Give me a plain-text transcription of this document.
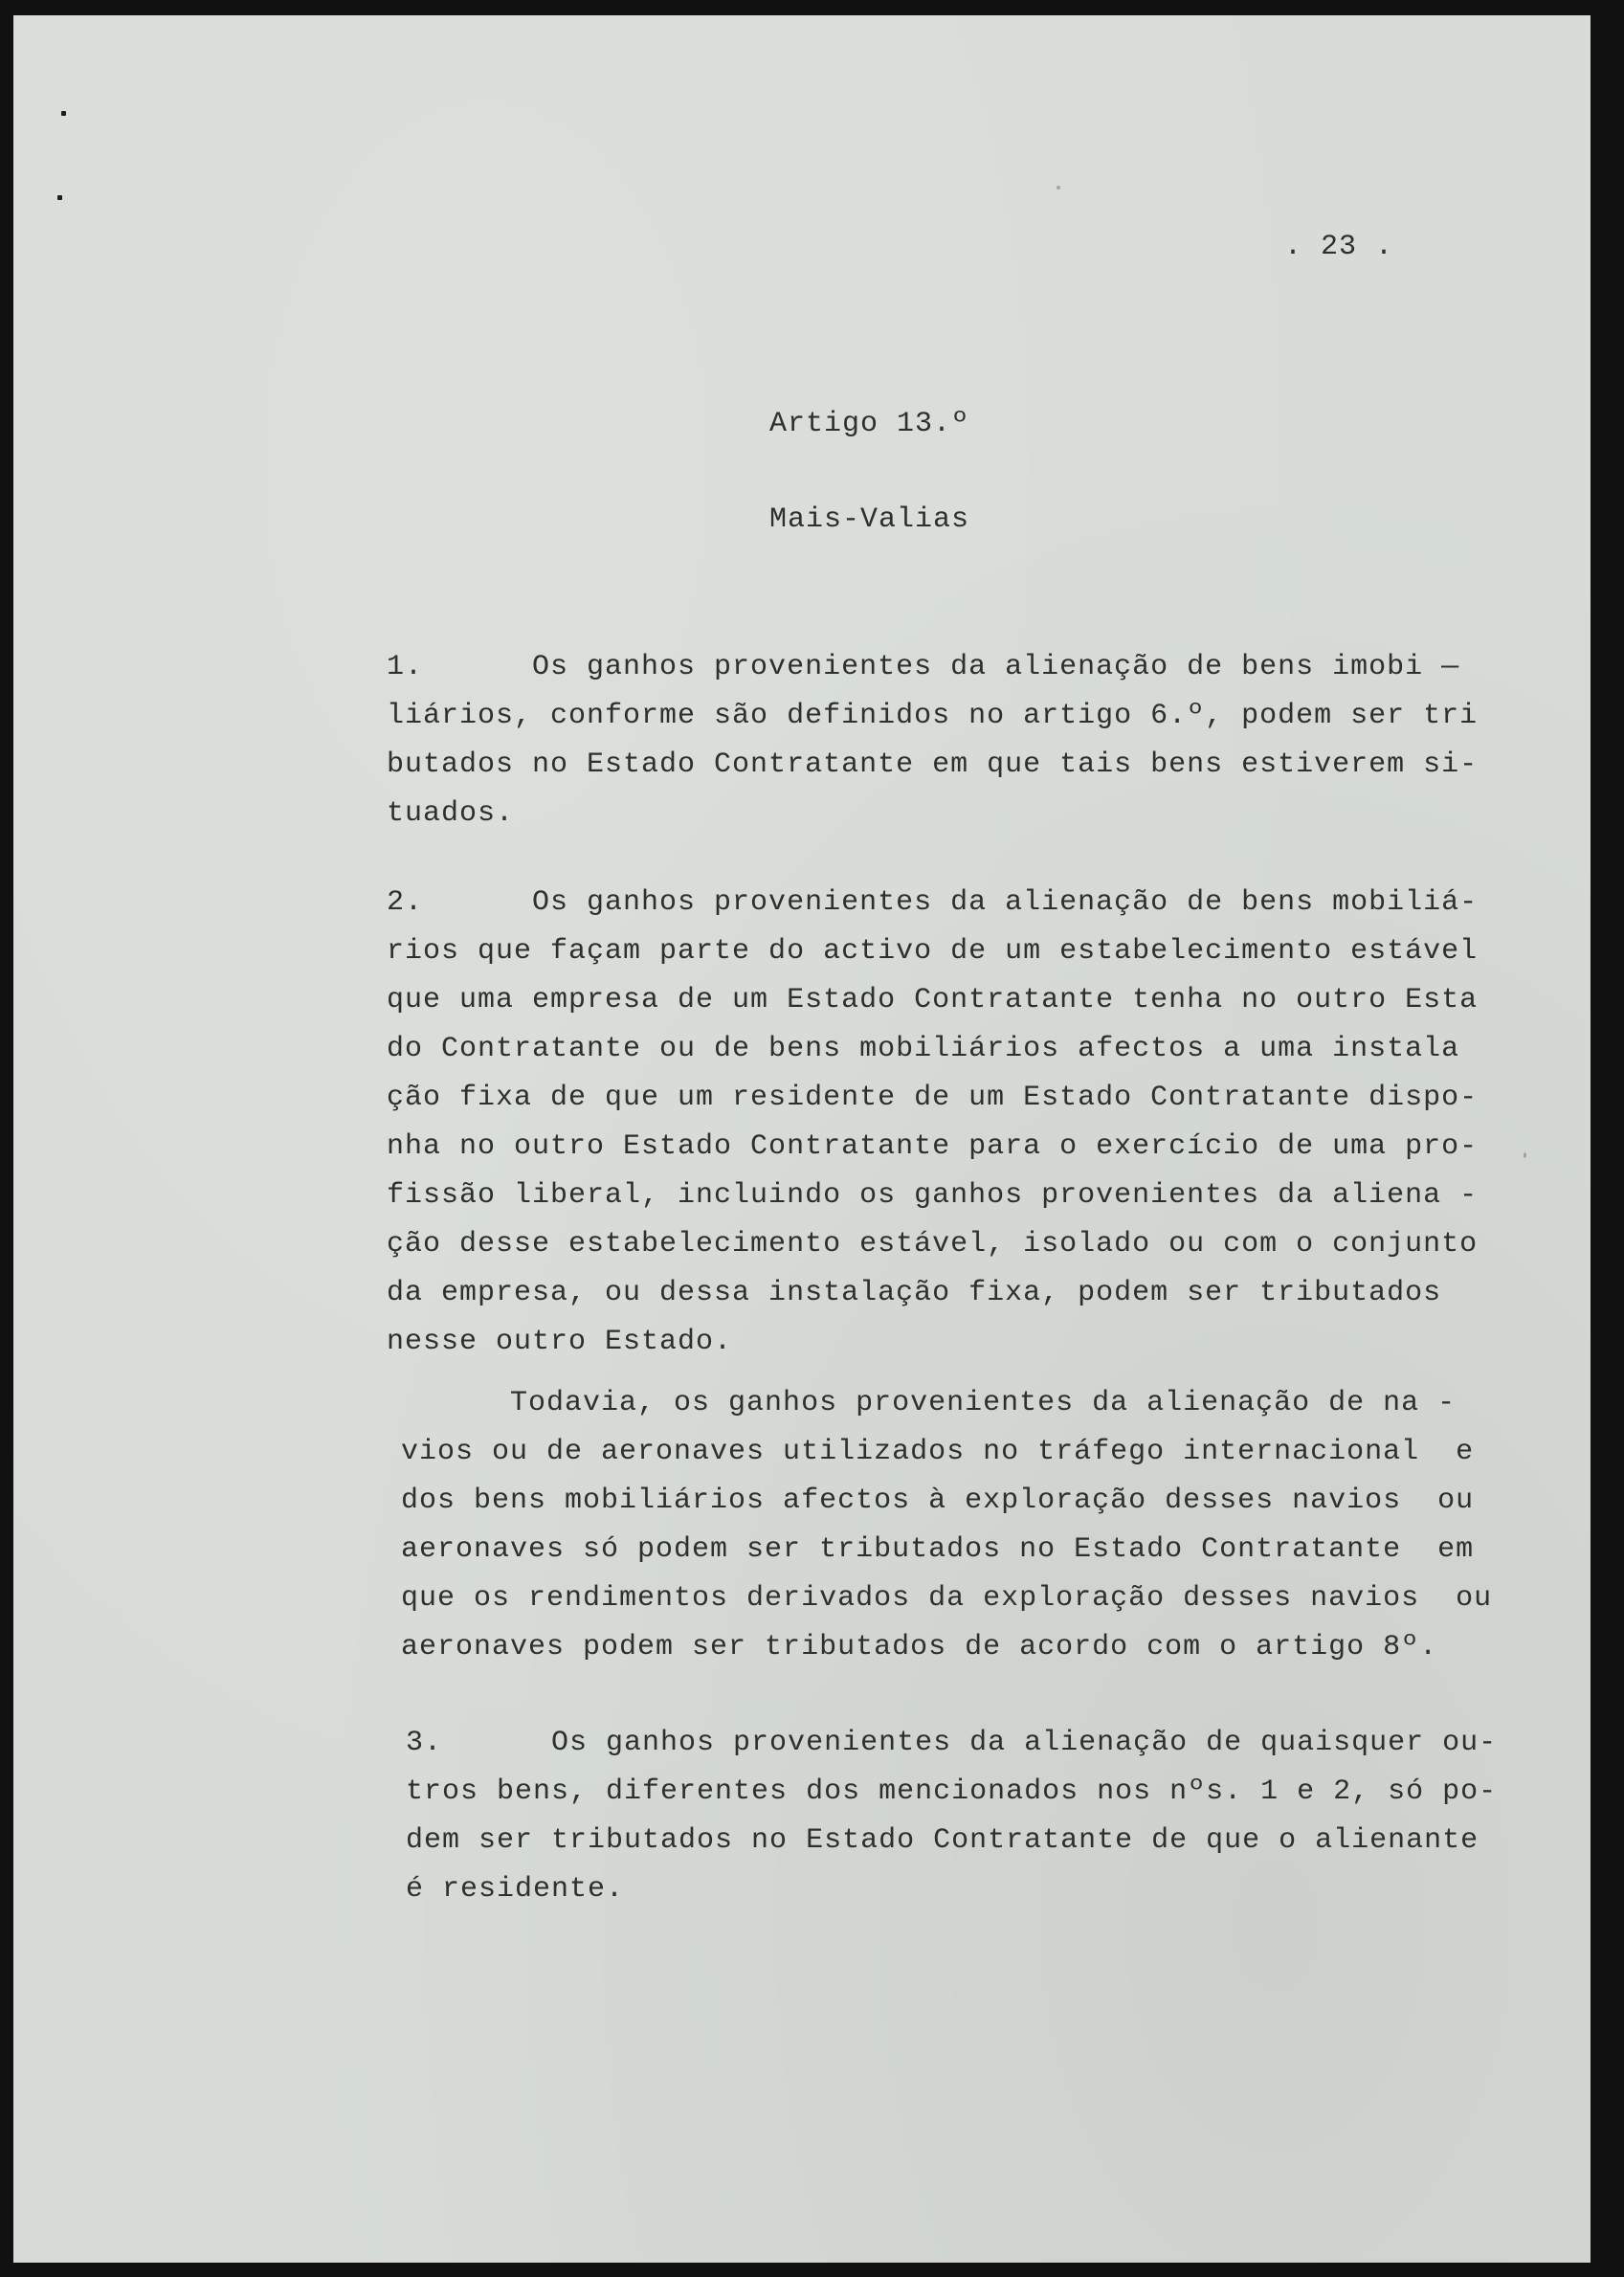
. 23 .
Artigo 13.º
Mais-Valias
1.      Os ganhos provenientes da alienação de bens imobi —
liários, conforme são definidos no artigo 6.º, podem ser tri
butados no Estado Contratante em que tais bens estiverem si-
tuados.
2.      Os ganhos provenientes da alienação de bens mobiliá-
rios que façam parte do activo de um estabelecimento estável
que uma empresa de um Estado Contratante tenha no outro Esta
do Contratante ou de bens mobiliários afectos a uma instala
ção fixa de que um residente de um Estado Contratante dispo-
nha no outro Estado Contratante para o exercício de uma pro-
fissão liberal, incluindo os ganhos provenientes da aliena -
ção desse estabelecimento estável, isolado ou com o conjunto
da empresa, ou dessa instalação fixa, podem ser tributados
nesse outro Estado.
Todavia, os ganhos provenientes da alienação de na -
vios ou de aeronaves utilizados no tráfego internacional  e
dos bens mobiliários afectos à exploração desses navios  ou
aeronaves só podem ser tributados no Estado Contratante  em
que os rendimentos derivados da exploração desses navios  ou
aeronaves podem ser tributados de acordo com o artigo 8º.
3.      Os ganhos provenientes da alienação de quaisquer ou-
tros bens, diferentes dos mencionados nos nºs. 1 e 2, só po-
dem ser tributados no Estado Contratante de que o alienante
é residente.
